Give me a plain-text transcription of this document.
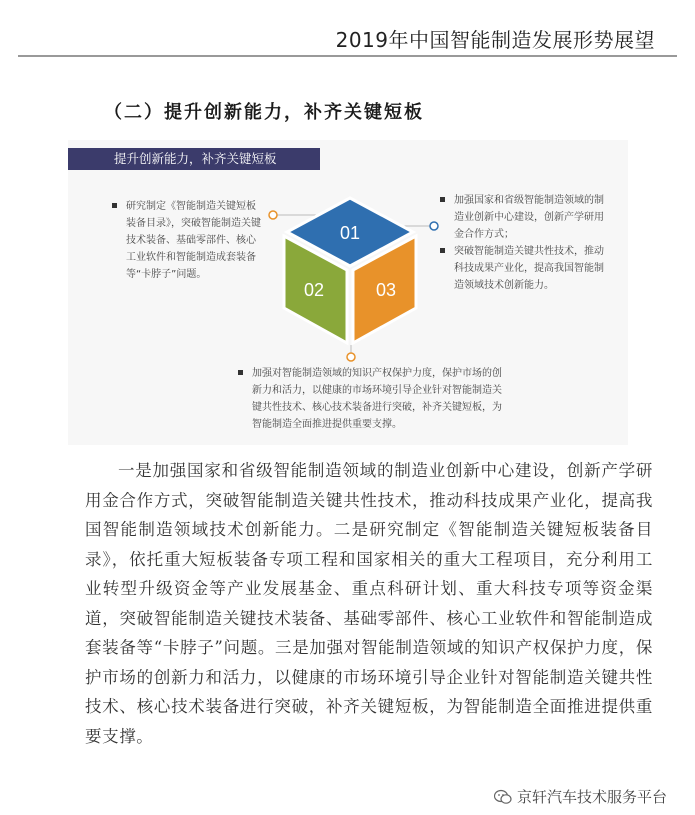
2019年中国智能制造发展形势展望
（二）提升创新能力，补齐关键短板
提升创新能力，补齐关键短板
01
02	03
研究制定《智能制造关键短板装备目录》，突破智能制造关键技术装备、基础零部件、核心工业软件和智能制造成套装备等“卡脖子”问题。
加强国家和省级智能制造领域的制造业创新中心建设，创新产学研用金合作方式；
突破智能制造关键共性技术，推动科技成果产业化，提高我国智能制造领域技术创新能力。
加强对智能制造领域的知识产权保护力度，保护市场的创新力和活力，以健康的市场环境引导企业针对智能制造关键共性技术、核心技术装备进行突破，补齐关键短板，为智能制造全面推进提供重要支撑。
一是加强国家和省级智能制造领域的制造业创新中心建设，创新产学研用金合作方式，突破智能制造关键共性技术，推动科技成果产业化，提高我国智能制造领域技术创新能力。二是研究制定《智能制造关键短板装备目录》，依托重大短板装备专项工程和国家相关的重大工程项目，充分利用工业转型升级资金等产业发展基金、重点科研计划、重大科技专项等资金渠道，突破智能制造关键技术装备、基础零部件、核心工业软件和智能制造成套装备等“卡脖子”问题。三是加强对智能制造领域的知识产权保护力度，保护市场的创新力和活力，以健康的市场环境引导企业针对智能制造关键共性技术、核心技术装备进行突破，补齐关键短板，为智能制造全面推进提供重要支撑。
京轩汽车技术服务平台
